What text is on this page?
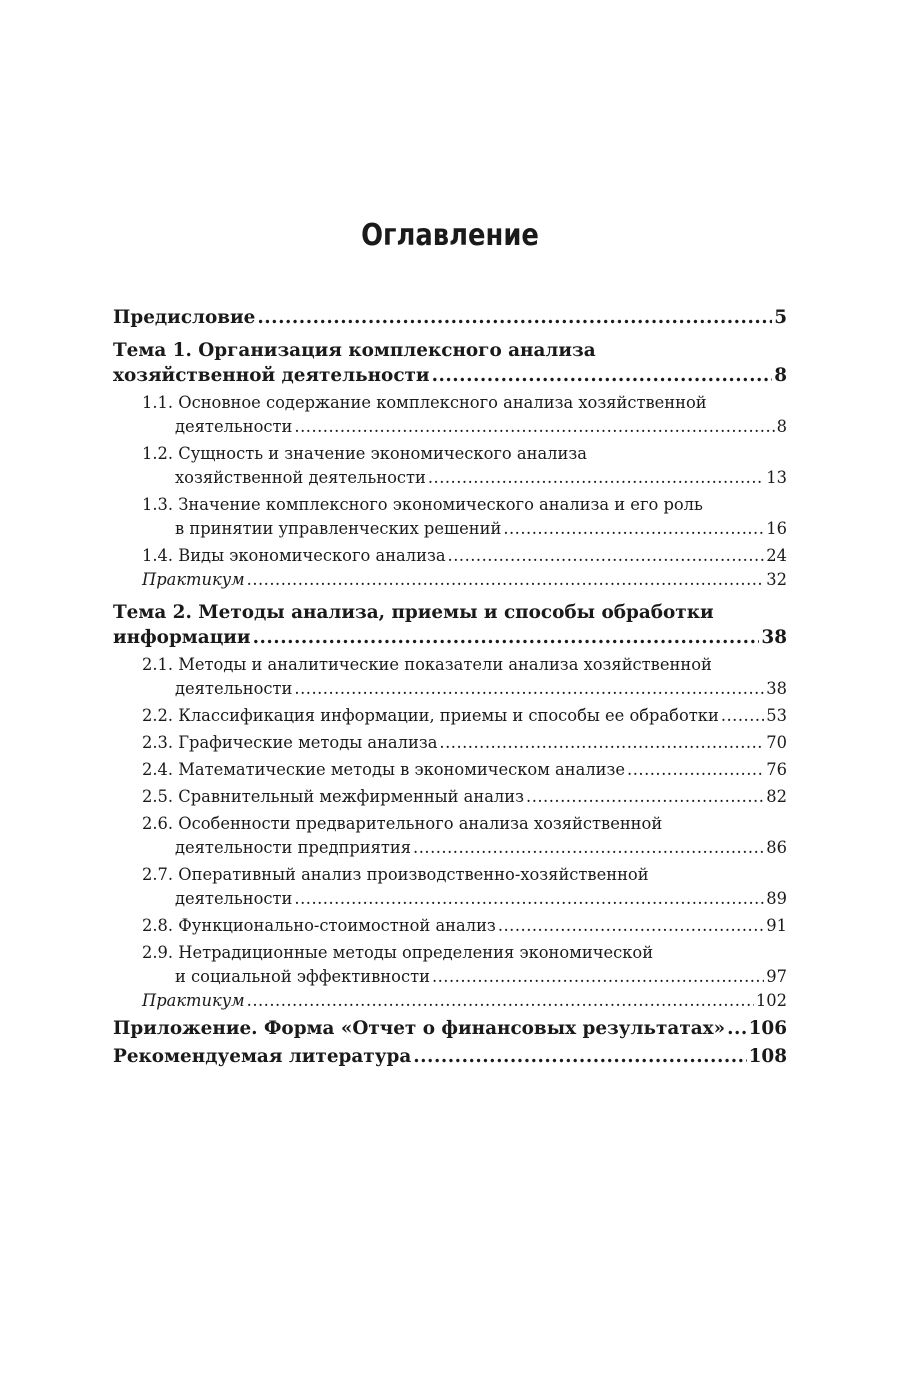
Оглавление
Предисловие .....	5
Тема 1. Организация комплексного анализа
хозяйственной деятельности .....	8
1.1. Основное содержание комплексного анализа хозяйственной
деятельности .....	8
1.2. Сущность и значение экономического анализа
хозяйственной деятельности .....	13
1.3. Значение комплексного экономического анализа и его роль
в принятии управленческих решений .....	16
1.4. Виды экономического анализа .....	24
Практикум .....	32
Тема 2. Методы анализа, приемы и способы обработки
информации .....	38
2.1. Методы и аналитические показатели анализа хозяйственной
деятельности .....	38
2.2. Классификация информации, приемы и способы ее обработки .....	53
2.3. Графические методы анализа .....	70
2.4. Математические методы в экономическом анализе .....	76
2.5. Сравнительный межфирменный анализ .....	82
2.6. Особенности предварительного анализа хозяйственной
деятельности предприятия .....	86
2.7. Оперативный анализ производственно-хозяйственной
деятельности .....	89
2.8. Функционально-стоимостной анализ .....	91
2.9. Нетрадиционные методы определения экономической
и социальной эффективности .....	97
Практикум .....	102
Приложение. Форма «Отчет о финансовых результатах» ..... 106
Рекомендуемая литература .....	108
